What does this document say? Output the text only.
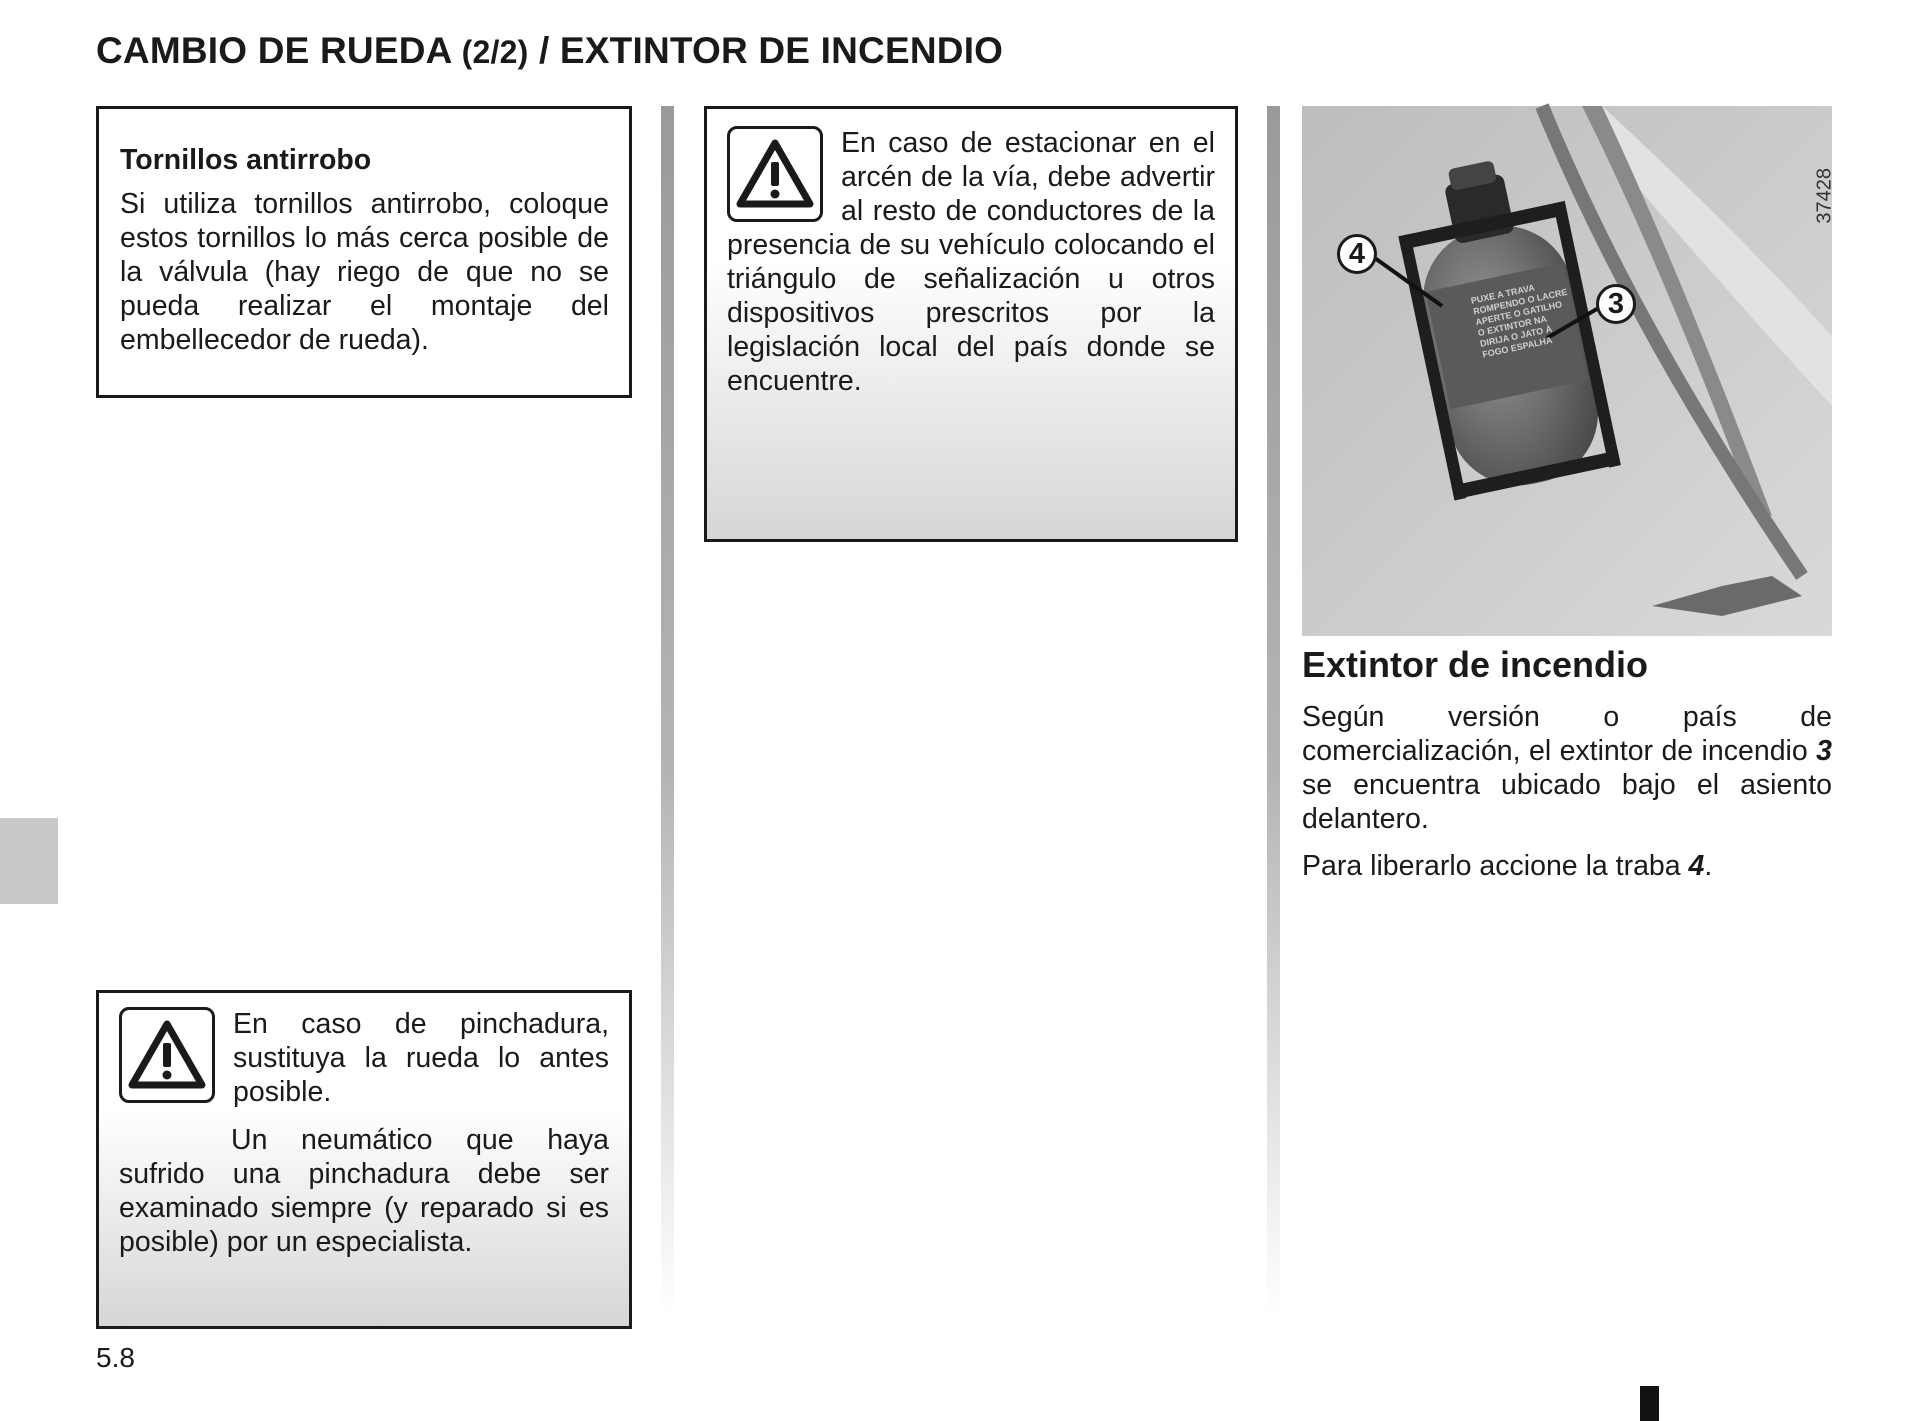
CAMBIO DE RUEDA (2/2) / EXTINTOR DE INCENDIO

Tornillos antirrobo

Si utiliza tornillos antirrobo, coloque estos tornillos lo más cerca posible de la válvula (hay riego de que no se pueda realizar el montaje del embellecedor de rueda).

En caso de estacionar en el arcén de la vía, debe advertir al resto de conductores de la presencia de su vehículo colocando el triángulo de señalización u otros dispositivos prescritos por la legislación local del país donde se encuentre.

En caso de pinchadura, sustituya la rueda lo antes posible.

Un neumático que haya sufrido una pinchadura debe ser examinado siempre (y reparado si es posible) por un especialista.

37428
4
3
PUXE A TRAVA
ROMPENDO O LACRE
APERTE O GATILHO
O EXTINTOR NA
DIRIJA O JATO À
FOGO ESPALHA
Extintor de incendio

Según versión o país de comercialización, el extintor de incendio 3 se encuentra ubicado bajo el asiento delantero.

Para liberarlo accione la traba 4.

5.8
